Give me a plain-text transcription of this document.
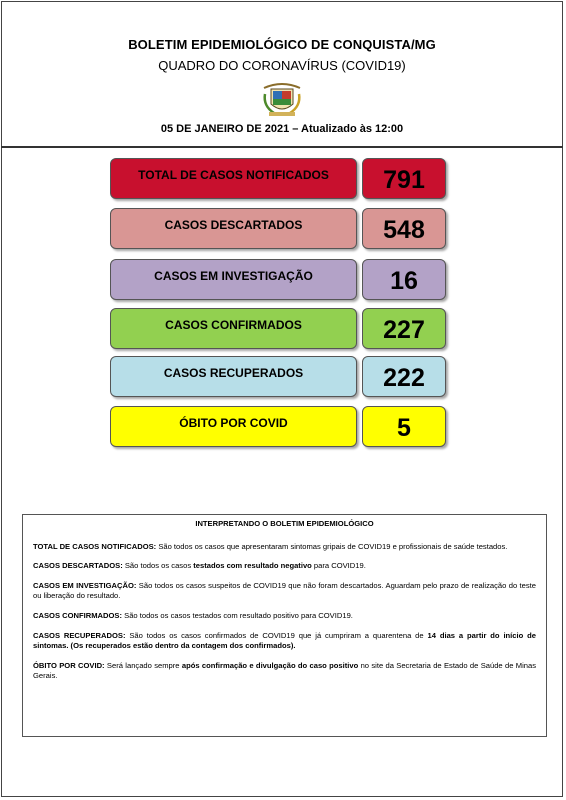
BOLETIM EPIDEMIOLÓGICO DE CONQUISTA/MG
QUADRO DO CORONAVÍRUS (COVID19)
05 DE JANEIRO DE 2021 – Atualizado às 12:00
TOTAL DE CASOS NOTIFICADOS	791
CASOS DESCARTADOS	548
CASOS EM INVESTIGAÇÃO	16
CASOS CONFIRMADOS	227
CASOS RECUPERADOS	222
ÓBITO POR COVID	5
INTERPRETANDO O BOLETIM EPIDEMIOLÓGICO

TOTAL DE CASOS NOTIFICADOS: São todos os casos que apresentaram sintomas gripais de COVID19 e profissionais de saúde testados.

CASOS DESCARTADOS: São todos os casos testados com resultado negativo para COVID19.

CASOS EM INVESTIGAÇÃO: São todos os casos suspeitos de COVID19 que não foram descartados. Aguardam pelo prazo de realização do teste ou liberação do resultado.

CASOS CONFIRMADOS: São todos os casos testados com resultado positivo para COVID19.

CASOS RECUPERADOS: São todos os casos confirmados de COVID19 que já cumpriram a quarentena de 14 dias a partir do início de sintomas. (Os recuperados estão dentro da contagem dos confirmados).

ÓBITO POR COVID: Será lançado sempre após confirmação e divulgação do caso positivo no site da Secretaria de Estado de Saúde de Minas Gerais.
